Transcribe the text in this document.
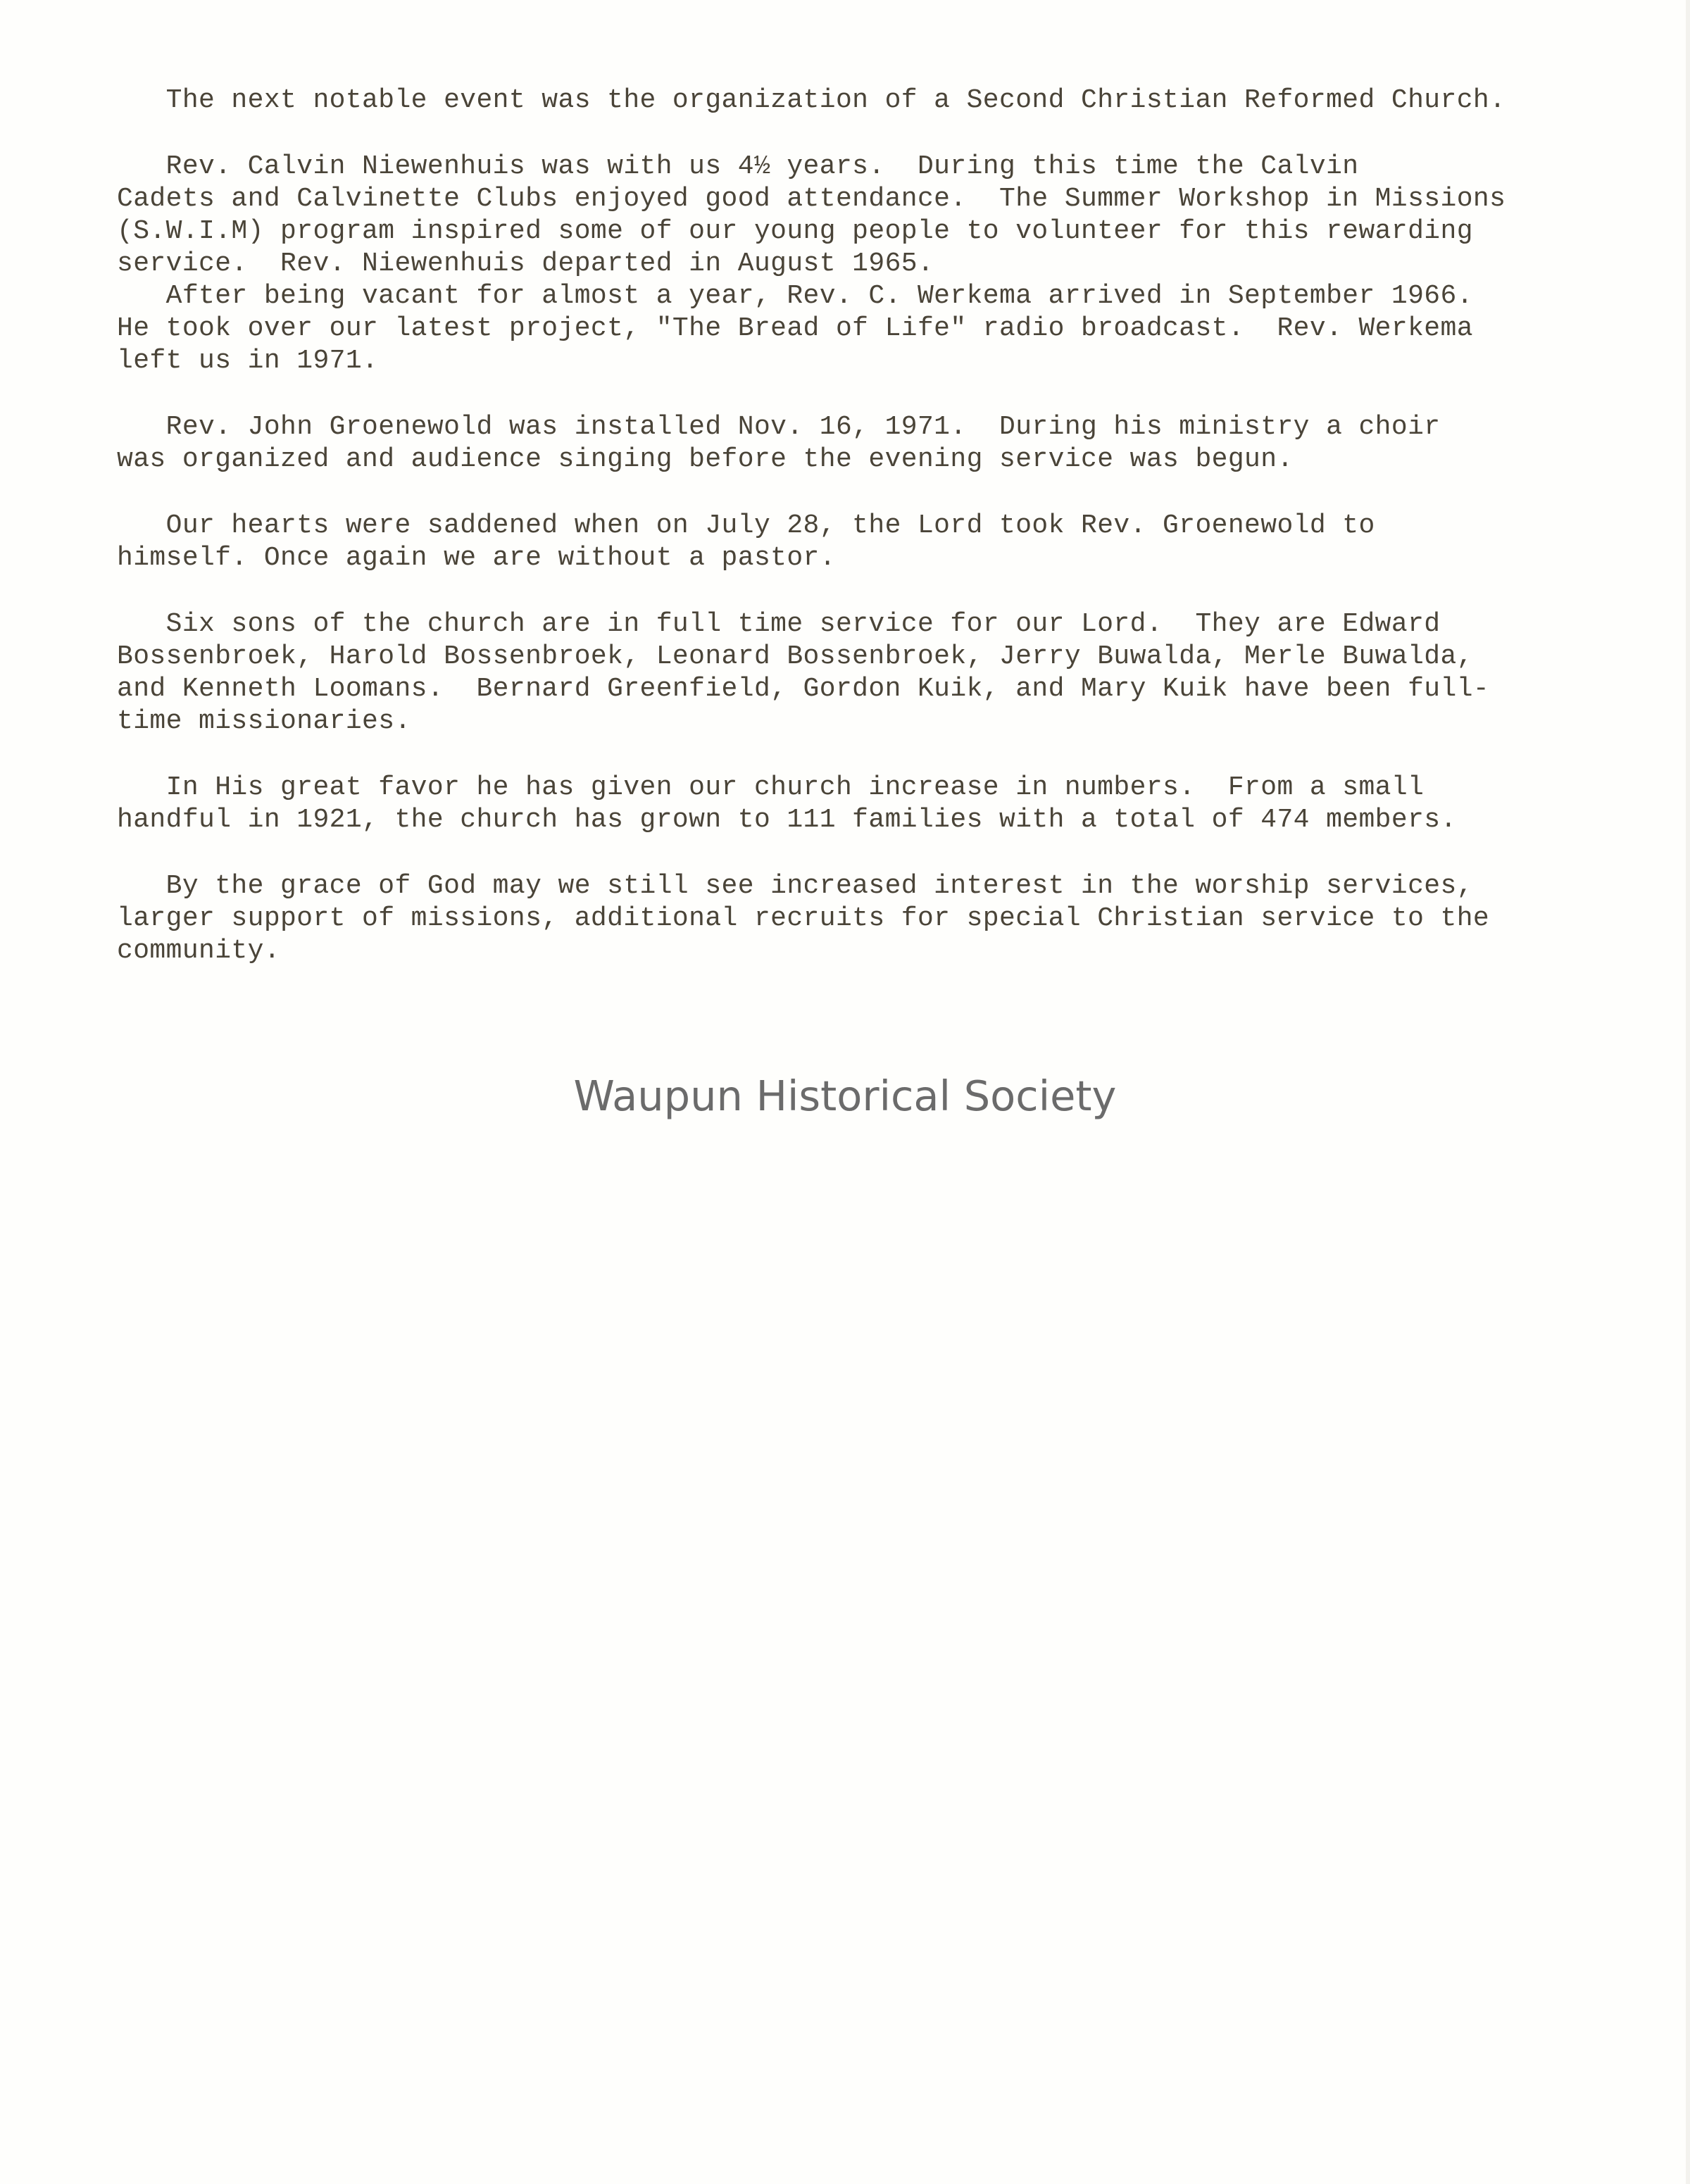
The next notable event was the organization of a Second Christian Reformed Church.
Rev. Calvin Niewenhuis was with us 4½ years.  During this time the Calvin
Cadets and Calvinette Clubs enjoyed good attendance.  The Summer Workshop in Missions
(S.W.I.M) program inspired some of our young people to volunteer for this rewarding
service.  Rev. Niewenhuis departed in August 1965.
After being vacant for almost a year, Rev. C. Werkema arrived in September 1966.
He took over our latest project, "The Bread of Life" radio broadcast.  Rev. Werkema
left us in 1971.
Rev. John Groenewold was installed Nov. 16, 1971.  During his ministry a choir
was organized and audience singing before the evening service was begun.
Our hearts were saddened when on July 28, the Lord took Rev. Groenewold to
himself. Once again we are without a pastor.
Six sons of the church are in full time service for our Lord.  They are Edward
Bossenbroek, Harold Bossenbroek, Leonard Bossenbroek, Jerry Buwalda, Merle Buwalda,
and Kenneth Loomans.  Bernard Greenfield, Gordon Kuik, and Mary Kuik have been full-
time missionaries.
In His great favor he has given our church increase in numbers.  From a small
handful in 1921, the church has grown to 111 families with a total of 474 members.
By the grace of God may we still see increased interest in the worship services,
larger support of missions, additional recruits for special Christian service to the
community.
Waupun Historical Society
